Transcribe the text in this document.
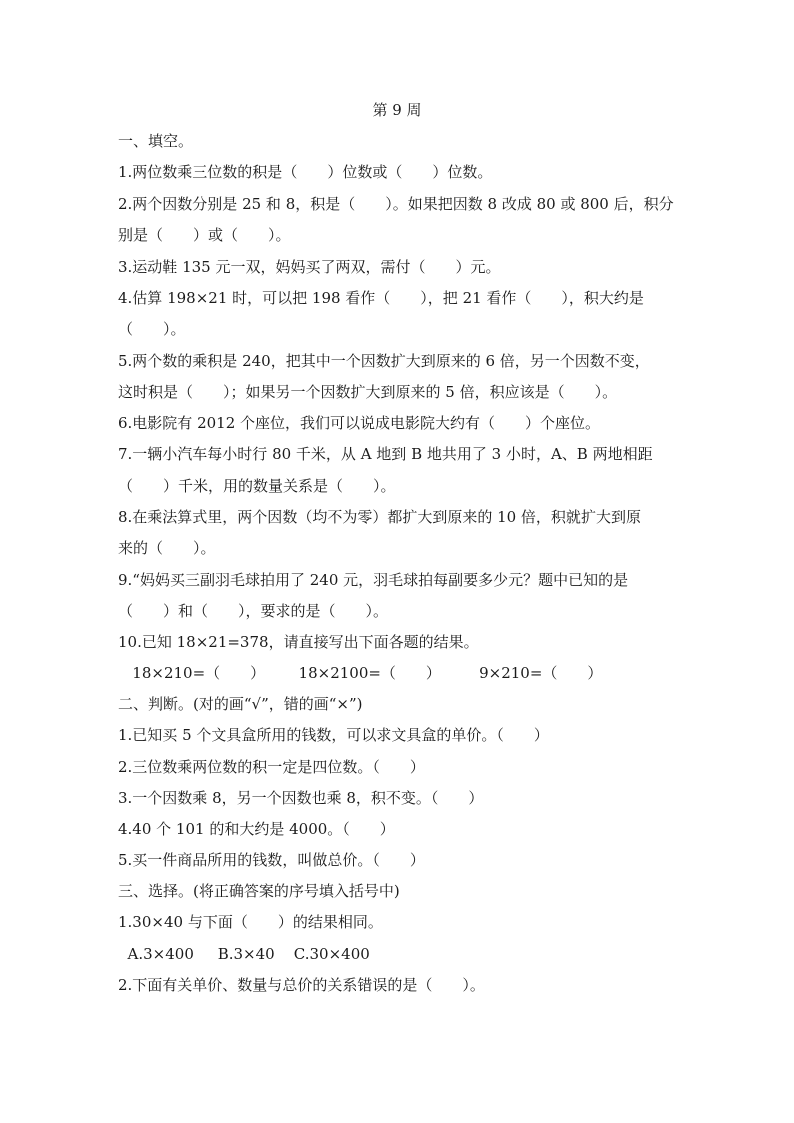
第 9 周
一、填空。
1.两位数乘三位数的积是（　　）位数或（　　）位数。
2.两个因数分别是 25 和 8，积是（　　）。如果把因数 8 改成 80 或 800 后，积分
别是（　　）或（　　）。
3.运动鞋 135 元一双，妈妈买了两双，需付（　　）元。
4.估算 198×21 时，可以把 198 看作（　　），把 21 看作（　　），积大约是
（　　）。
5.两个数的乘积是 240，把其中一个因数扩大到原来的 6 倍，另一个因数不变，
这时积是（　　）；如果另一个因数扩大到原来的 5 倍，积应该是（　　）。
6.电影院有 2012 个座位，我们可以说成电影院大约有（　　）个座位。
7.一辆小汽车每小时行 80 千米，从 A 地到 B 地共用了 3 小时，A、B 两地相距
（　　）千米，用的数量关系是（　　）。
8.在乘法算式里，两个因数（均不为零）都扩大到原来的 10 倍，积就扩大到原
来的（　　）。
9.“妈妈买三副羽毛球拍用了 240 元，羽毛球拍每副要多少元？题中已知的是
（　　）和（　　），要求的是（　　）。
10.已知 18×21=378，请直接写出下面各题的结果。
18×210=（　　）       18×2100=（　　）        9×210=（　　）
二、判断。(对的画“√”，错的画“×”)
1.已知买 5 个文具盒所用的钱数，可以求文具盒的单价。（　　）
2.三位数乘两位数的积一定是四位数。（　　）
3.一个因数乘 8，另一个因数也乘 8，积不变。（　　）
4.40 个 101 的和大约是 4000。（　　）
5.买一件商品所用的钱数，叫做总价。（　　）
三、选择。(将正确答案的序号填入括号中)
1.30×40 与下面（　　）的结果相同。
A.3×400     B.3×40    C.30×400
2.下面有关单价、数量与总价的关系错误的是（　　）。
